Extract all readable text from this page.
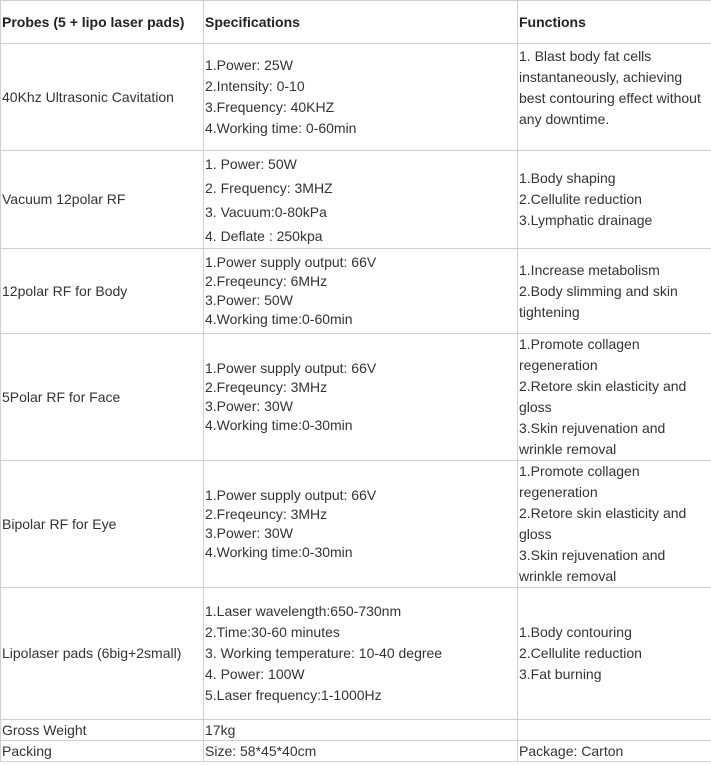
Probes (5 + lipo laser pads)	Specifications	Functions
40Khz Ultrasonic Cavitation	1.Power: 25W
2.Intensity: 0-10
3.Frequency: 40KHZ
4.Working time: 0-60min	1. Blast body fat cells instantaneously, achieving best contouring effect without any downtime.

Vacuum 12polar RF	1. Power: 50W
2. Frequency: 3MHZ
3. Vacuum:0-80kPa
4. Deflate : 250kpa	1.Body shaping
2.Cellulite reduction
3.Lymphatic drainage

12polar RF for Body	1.Power supply output: 66V
2.Freqeuncy: 6MHz
3.Power: 50W
4.Working time:0-60min	1.Increase metabolism
2.Body slimming and skin tightening

5Polar RF for Face	1.Power supply output: 66V
2.Freqeuncy: 3MHz
3.Power: 30W
4.Working time:0-30min	1.Promote collagen regeneration
2.Retore skin elasticity and gloss
3.Skin rejuvenation and wrinkle removal

Bipolar RF for Eye	1.Power supply output: 66V
2.Freqeuncy: 3MHz
3.Power: 30W
4.Working time:0-30min	1.Promote collagen regeneration
2.Retore skin elasticity and gloss
3.Skin rejuvenation and wrinkle removal

Lipolaser pads (6big+2small)	1.Laser wavelength:650-730nm
2.Time:30-60 minutes
3. Working temperature: 10-40 degree
4. Power: 100W
5.Laser frequency:1-1000Hz	1.Body contouring
2.Cellulite reduction
3.Fat burning

Gross Weight	17kg	
Packing	Size: 58*45*40cm	Package: Carton
